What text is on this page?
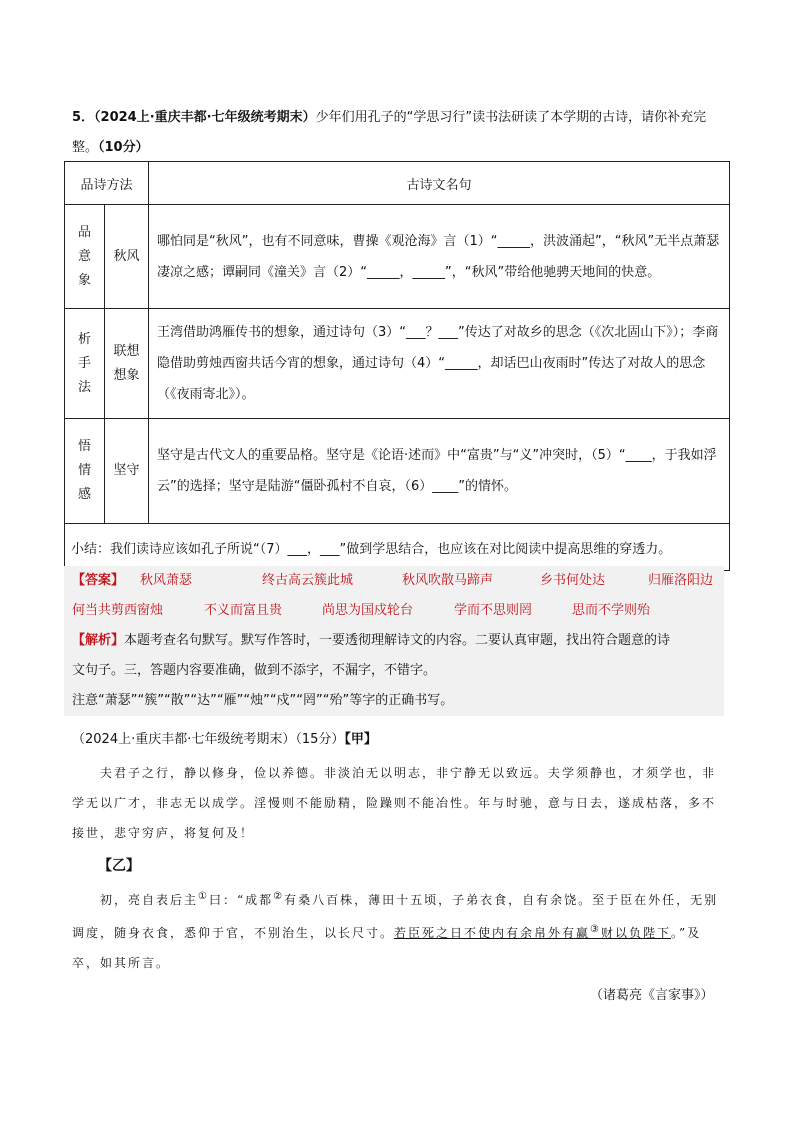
5．（2024上·重庆丰都·七年级统考期末）少年们用孔子的“学思习行”读书法研读了本学期的古诗，请你补充完整。（10分）
品诗方法		古诗文名句

品
意
象	秋风	哪怕同是“秋风”，也有不同意味，曹操《观沧海》言（1）“_____，洪波涌起”，“秋风”无半点萧瑟凄凉之感；谭嗣同《潼关》言（2）“_____，_____”，“秋风”带给他驰骋天地间的快意。

析
手
法	联想
想象	王湾借助鸿雁传书的想象，通过诗句（3）“___？___”传达了对故乡的思念（《次北固山下》）；李商隐借助剪烛西窗共话今宵的想象，通过诗句（4）“_____，却话巴山夜雨时”传达了对故人的思念（《夜雨寄北》）。

悟
情
感	坚守	坚守是古代文人的重要品格。坚守是《论语·述而》中“富贵”与“义”冲突时，（5）“____，于我如浮云”的选择；坚守是陆游“僵卧孤村不自哀，（6）____”的情怀。
小结：我们读诗应该如孔子所说“（7）___，___”做到学思结合，也应该在对比阅读中提高思维的穿透力。		
【答案】 秋风萧瑟	终古高云簇此城	秋风吹散马蹄声	乡书何处达	归雁洛阳边
何当共剪西窗烛	不义而富且贵	尚思为国戍轮台	学而不思则罔	思而不学则殆
【解析】本题考查名句默写。默写作答时，一要透彻理解诗文的内容。二要认真审题，找出符合题意的诗
文句子。三，答题内容要准确，做到不添字，不漏字，不错字。
注意“萧瑟”“簇”“散”“达”“雁”“烛”“戍”“罔”“殆”等字的正确书写。
（2024上·重庆丰都·七年级统考期末）（15分）【甲】
夫君子之行，静以修身，俭以养德。非淡泊无以明志，非宁静无以致远。夫学须静也，才须学也，非学无以广才，非志无以成学。淫慢则不能励精，险躁则不能冶性。年与时驰，意与日去，遂成枯落，多不接世，悲守穷庐，将复何及！
【乙】
初，亮自表后主①曰：“成都②有桑八百株，薄田十五顷，子弟衣食，自有余饶。至于臣在外任，无别调度，随身衣食，悉仰于官，不别治生，以长尺寸。若臣死之日不使内有余帛外有赢③财以负陛下。”及卒，如其所言。
（诸葛亮《言家事》）
